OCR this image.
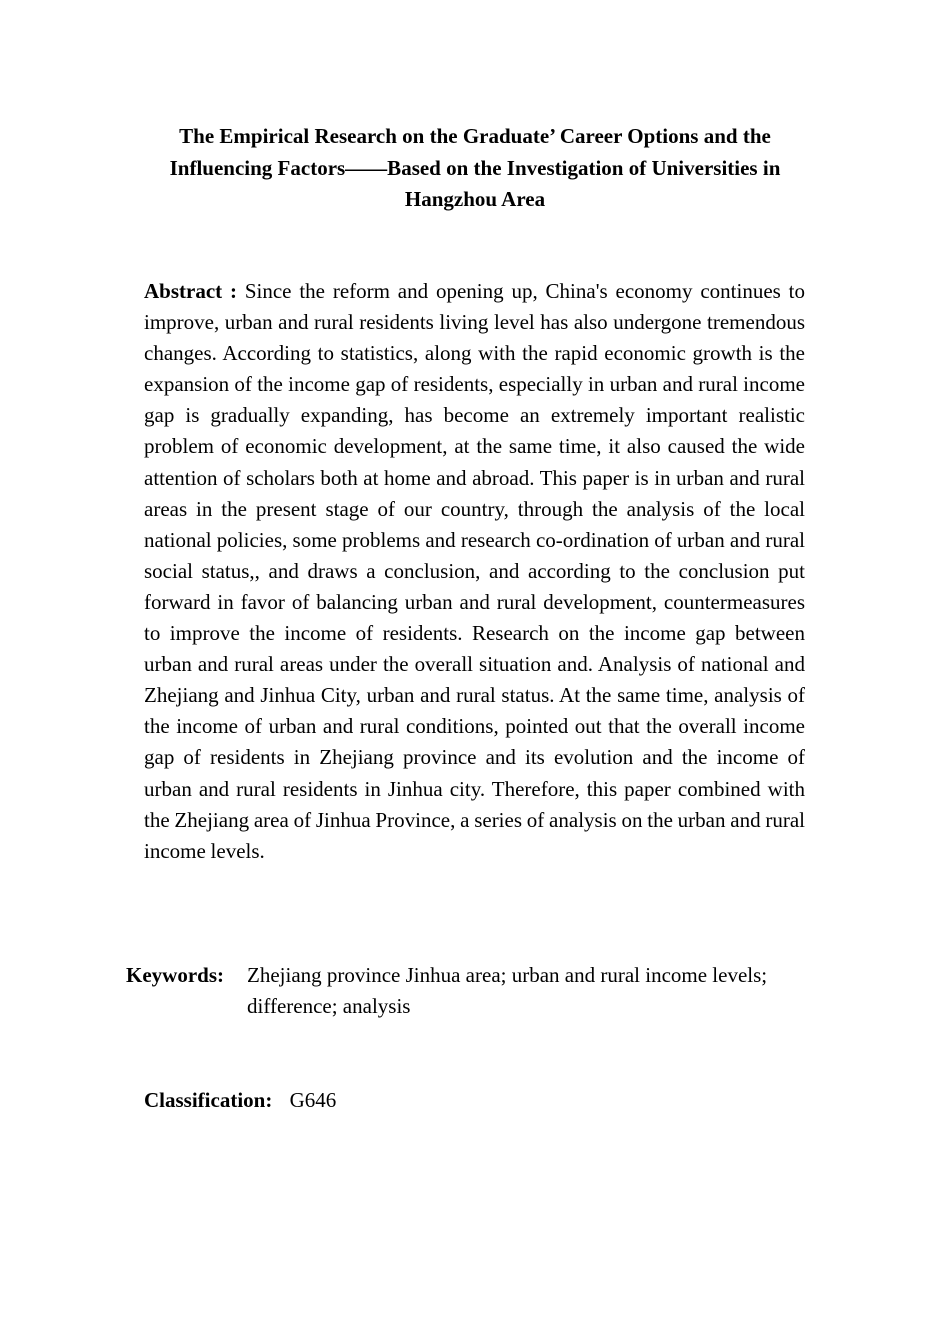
The Empirical Research on the Graduate’ Career Options and the Influencing Factors——Based on the Investigation of Universities in Hangzhou Area
Abstract : Since the reform and opening up, China's economy continues to improve, urban and rural residents living level has also undergone tremendous changes. According to statistics, along with the rapid economic growth is the expansion of the income gap of residents, especially in urban and rural income gap is gradually expanding, has become an extremely important realistic problem of economic development, at the same time, it also caused the wide attention of scholars both at home and abroad. This paper is in urban and rural areas in the present stage of our country, through the analysis of the local national policies, some problems and research co-ordination of urban and rural social status,, and draws a conclusion, and according to the conclusion put forward in favor of balancing urban and rural development, countermeasures to improve the income of residents. Research on the income gap between urban and rural areas under the overall situation and. Analysis of national and Zhejiang and Jinhua City, urban and rural status. At the same time, analysis of the income of urban and rural conditions, pointed out that the overall income gap of residents in Zhejiang province and its evolution and the income of urban and rural residents in Jinhua city. Therefore, this paper combined with the Zhejiang area of Jinhua Province, a series of analysis on the urban and rural income levels.
Keywords:	Zhejiang province Jinhua area; urban and rural income levels; difference; analysis
Classification: G646
